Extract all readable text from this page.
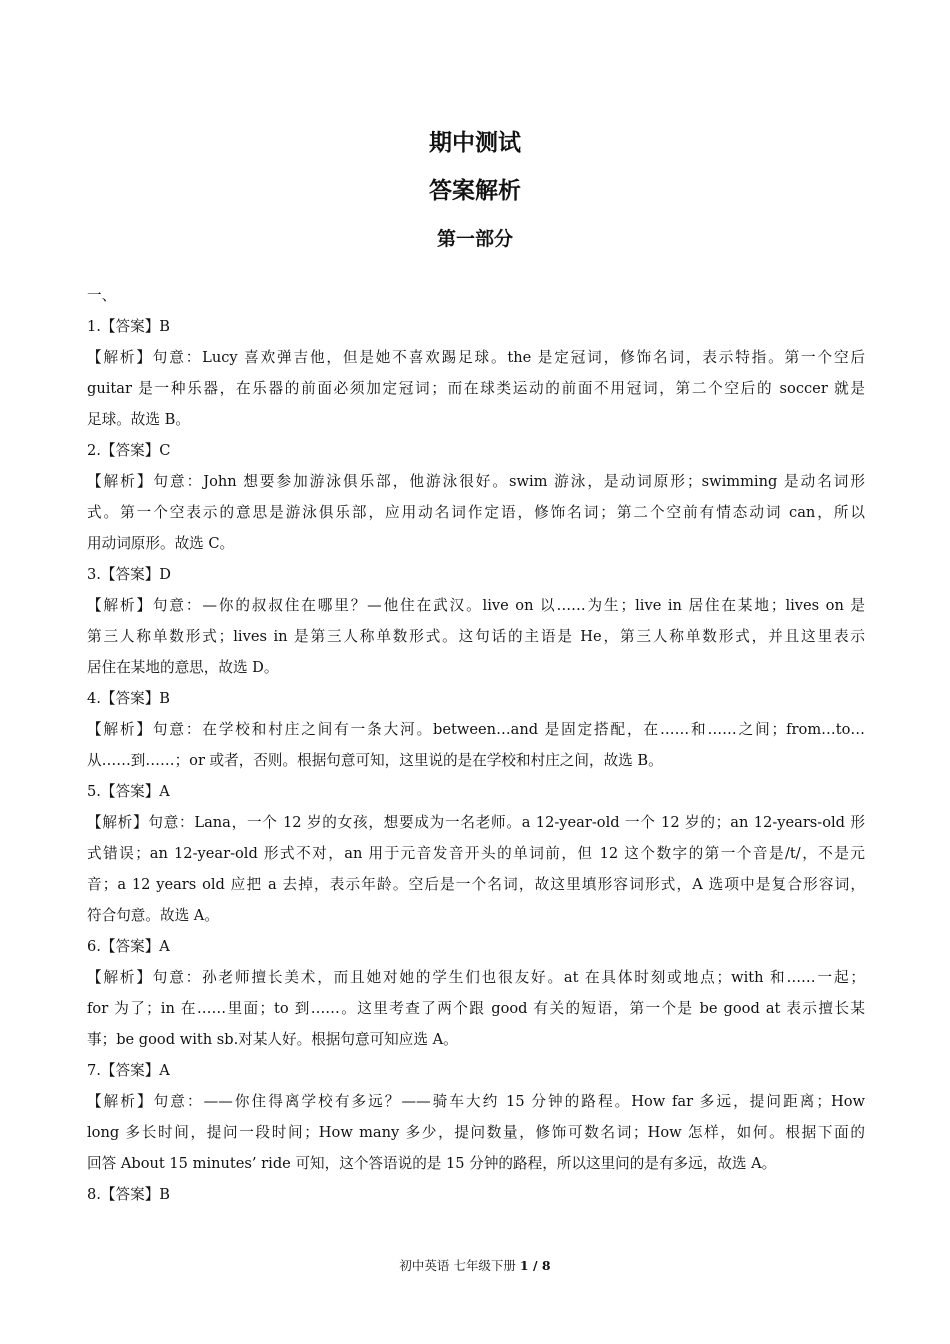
期中测试
答案解析
第一部分
一、
1.【答案】B
【解析】句意：Lucy 喜欢弹吉他，但是她不喜欢踢足球。the 是定冠词，修饰名词，表示特指。第一个空后
guitar 是一种乐器，在乐器的前面必须加定冠词；而在球类运动的前面不用冠词，第二个空后的 soccer 就是
足球。故选 B。
2.【答案】C
【解析】句意：John 想要参加游泳俱乐部，他游泳很好。swim 游泳，是动词原形；swimming 是动名词形
式。第一个空表示的意思是游泳俱乐部，应用动名词作定语，修饰名词；第二个空前有情态动词 can，所以
用动词原形。故选 C。
3.【答案】D
【解析】句意：—你的叔叔住在哪里？—他住在武汉。live on 以……为生；live in 居住在某地；lives on 是
第三人称单数形式；lives in 是第三人称单数形式。这句话的主语是 He，第三人称单数形式，并且这里表示
居住在某地的意思，故选 D。
4.【答案】B
【解析】句意：在学校和村庄之间有一条大河。between…and 是固定搭配，在……和……之间；from…to…
从……到……；or 或者，否则。根据句意可知，这里说的是在学校和村庄之间，故选 B。
5.【答案】A
【解析】句意：Lana，一个 12 岁的女孩，想要成为一名老师。a 12-year-old 一个 12 岁的；an 12-years-old 形
式错误；an 12-year-old 形式不对，an 用于元音发音开头的单词前，但 12 这个数字的第一个音是/t/，不是元
音；a 12 years old 应把 a 去掉，表示年龄。空后是一个名词，故这里填形容词形式，A 选项中是复合形容词，
符合句意。故选 A。
6.【答案】A
【解析】句意：孙老师擅长美术，而且她对她的学生们也很友好。at 在具体时刻或地点；with 和……一起；
for 为了；in 在……里面；to 到……。这里考查了两个跟 good 有关的短语，第一个是 be good at 表示擅长某
事；be good with sb.对某人好。根据句意可知应选 A。
7.【答案】A
【解析】句意：——你住得离学校有多远？——骑车大约 15 分钟的路程。How far 多远，提问距离；How
long 多长时间，提问一段时间；How many 多少，提问数量，修饰可数名词；How 怎样，如何。根据下面的
回答 About 15 minutes’ ride 可知，这个答语说的是 15 分钟的路程，所以这里问的是有多远，故选 A。
8.【答案】B
初中英语 七年级下册 1 / 8
